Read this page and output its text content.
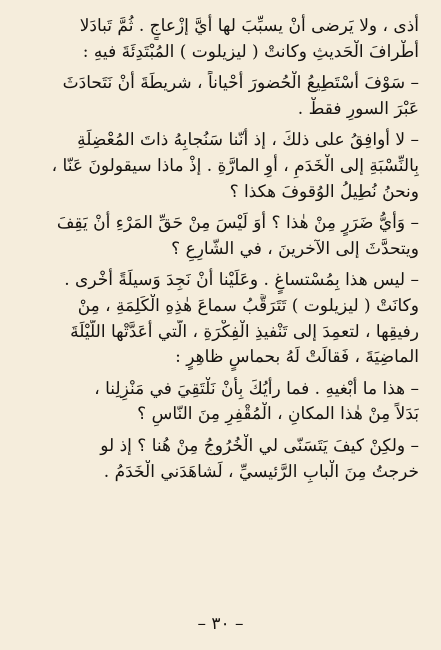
أذى ، ولا يَرضى أنْ يسبِّبَ لها أيَّ إزْعاجٍ . ثُمَّ تَبادَلا
أَطْرافَ الْحَديثِ وكانتْ ( ليزيلوت ) المُبْتَدِئَةَ فيهِ :

– سَوْفَ أَسْتَطِيعُ الْحُضورَ أحْياناً ، شريطَةَ أنْ نَتَحادَثَ
عَبْرَ السورِ فقطْ .

– لا أُوافِقُ على ذلكَ ، إذ أنّنا سَنُجابِهُ ذاتَ المُعْضِلَةِ
بِالنِّسْبَةِ إلى الْخَدَمِ ، أَوِ المارَّةِ . إذْ ماذا سيقولونَ عَنّا ،
ونحنُ نُطِيلُ الوُقوفَ هكذا ؟

– وَأَيُّ ضَرَرٍ مِنْ هٰذا ؟ أَوَ لَيْسَ مِنْ حَقِّ المَرْءِ أنْ يَقِفَ
ويتحدَّثَ إلى الآخرينَ ، في الشّارِعِ ؟

– ليس هذا بِمُسْتساغٍ . وعَلَيْنا أنْ نَجِدَ وَسيلَةً أُخْرى .
وكانَتْ ( ليزيلوت ) تَتَرَقَّبُ سماعَ هٰذِهِ الْكَلِمَةِ ، مِنْ
رفيقِها ، لتعمِدَ إلى تَنْفيذِ الْفِكْرَةِ ، الّتي أَعَدَّتْها اللَّيْلَةَ
الماضِيَةَ ، فَقالَتْ لَهُ بحماسٍ ظاهِرٍ :

– هذا ما أَبْغيهِ . فما رأيُكَ بِأَنْ نَلْتَقِيَ في مَنْزِلِنا ،
بَدَلاً مِنْ هٰذا المكانِ ، الْمُقْفِرِ مِنَ النّاسِ ؟

– ولكِنْ كيفَ يَتَسَنّى لي الْخُرُوجُ مِنْ هُنا ؟ إذ لو
خرجتُ مِنَ الْبابِ الرَّئيسيِّ ، لَشاهَدَني الْخَدَمُ .

– ٣٠ –
